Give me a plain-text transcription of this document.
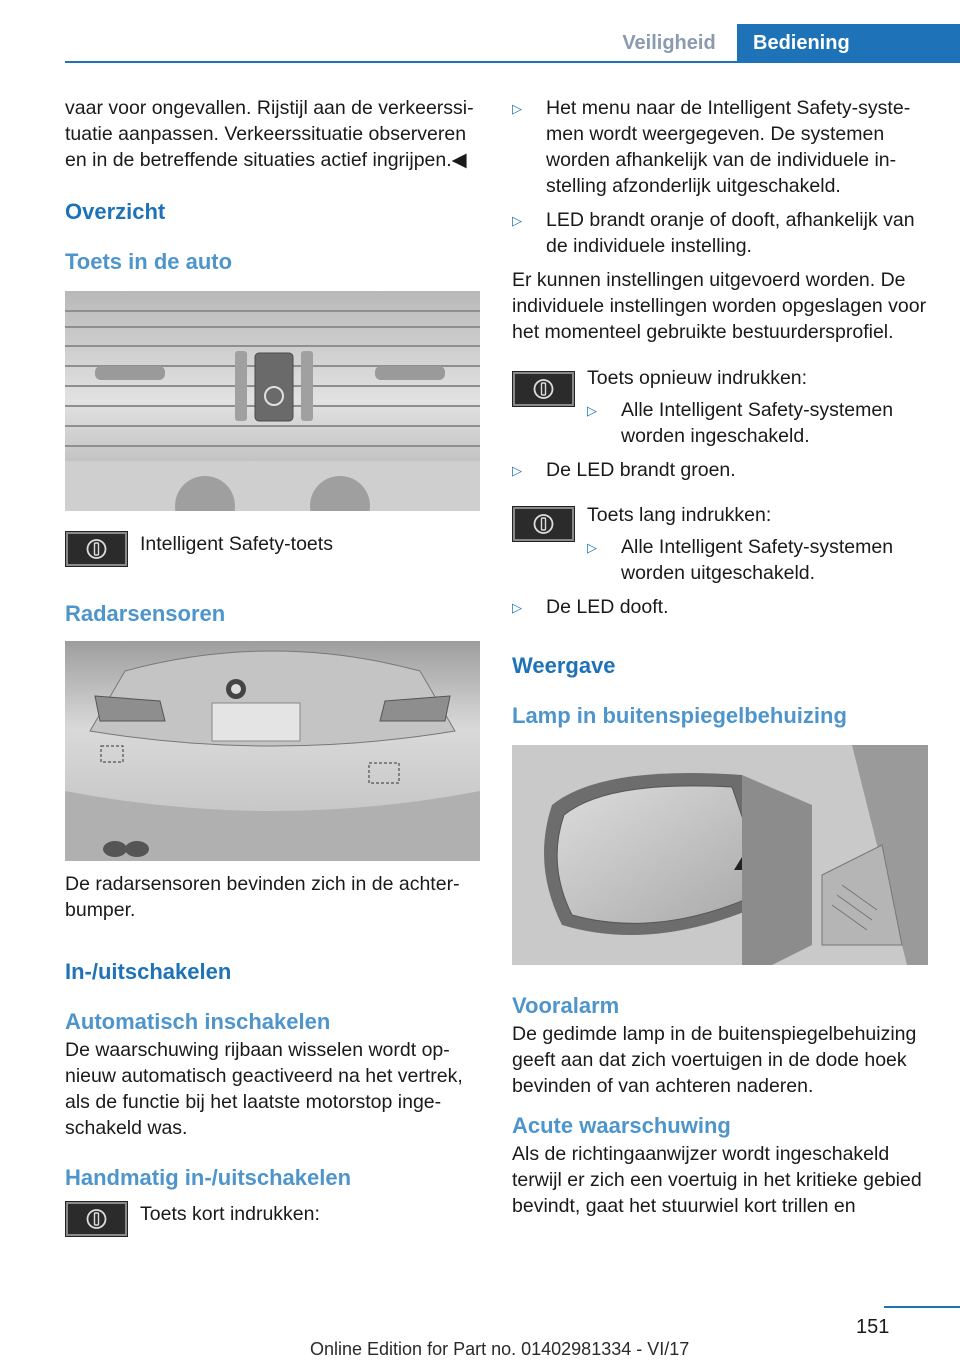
Veiligheid	Bediening

vaar voor ongevallen. Rijstijl aan de verkeerssituatie aanpassen. Verkeerssituatie observeren en in de betreffende situaties actief ingrijpen.◀

Overzicht
Toets in de auto
Intelligent Safety-toets
Radarsensoren

De radarsensoren bevinden zich in de achterbumper.

In-/uitschakelen
Automatisch inschakelen

De waarschuwing rijbaan wisselen wordt opnieuw automatisch geactiveerd na het vertrek, als de functie bij het laatste motorstop ingeschakeld was.

Handmatig in-/uitschakelen
Toets kort indrukken:
▷	Het menu naar de Intelligent Safety-systemen wordt weergegeven. De systemen worden afhankelijk van de individuele instelling afzonderlijk uitgeschakeld.
▷	LED brandt oranje of dooft, afhankelijk van de individuele instelling.

Er kunnen instellingen uitgevoerd worden. De individuele instellingen worden opgeslagen voor het momenteel gebruikte bestuurdersprofiel.

Toets opnieuw indrukken:

▷	Alle Intelligent Safety-systemen worden ingeschakeld.
▷	De LED brandt groen.

Toets lang indrukken:

▷	Alle Intelligent Safety-systemen worden uitgeschakeld.
▷	De LED dooft.
Weergave
Lamp in buitenspiegelbehuizing
Vooralarm

De gedimde lamp in de buitenspiegelbehuizing geeft aan dat zich voertuigen in de dode hoek bevinden of van achteren naderen.

Acute waarschuwing

Als de richtingaanwijzer wordt ingeschakeld terwijl er zich een voertuig in het kritieke gebied bevindt, gaat het stuurwiel kort trillen en

151
Online Edition for Part no. 01402981334 - VI/17
